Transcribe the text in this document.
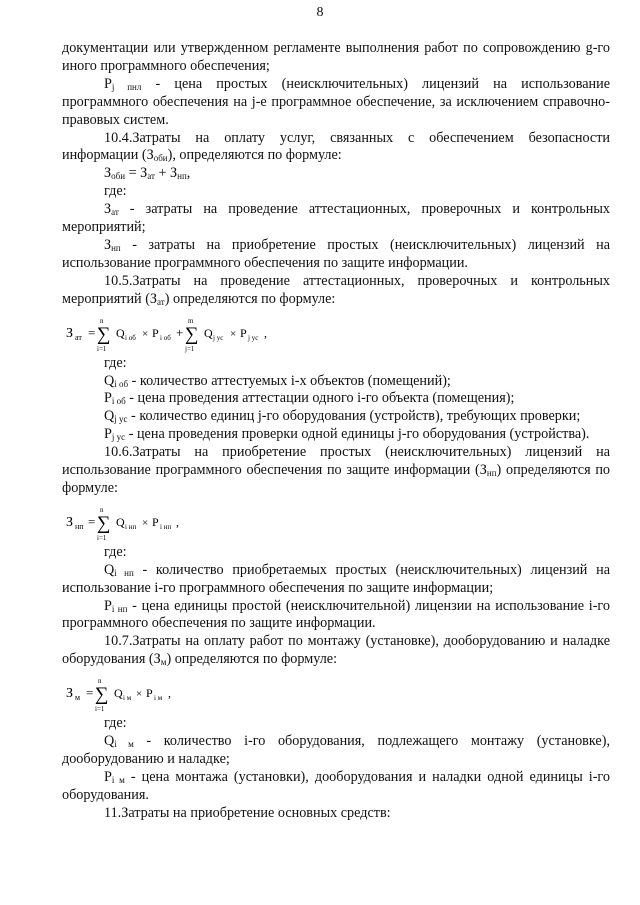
8

документации или утвержденном регламенте выполнения работ по сопровождению g-го иного программного обеспечения;

$P_{j пнл}$ - цена простых (неисключительных) лицензий на использование программного обеспечения на j-е программное обеспечение, за исключением справочно-правовых систем.

10.4.Затраты на оплату услуг, связанных с обеспечением безопасности информации $(З_{оби})$, определяются по формуле:

$З_{оби} = З_{ат} + З_{нп}$,

где:

$З_{ат}$ - затраты на проведение аттестационных, проверочных и контрольных мероприятий;

$З_{нп}$ - затраты на приобретение простых (неисключительных) лицензий на использование программного обеспечения по защите информации.

10.5.Затраты на проведение аттестационных, проверочных и контрольных мероприятий $(З_{ат})$ определяются по формуле:

З ат =
n
∑
i=1
Q i об × P i об +
m
∑
j=1
Q j ус × P j ус ,

где:

$Q_{i об}$ - количество аттестуемых i-х объектов (помещений);

$P_{i об}$ - цена проведения аттестации одного i-го объекта (помещения);

$Q_{j ус}$ - количество единиц j-го оборудования (устройств), требующих проверки;

$P_{j ус}$ - цена проведения проверки одной единицы j-го оборудования (устройства).

10.6.Затраты на приобретение простых (неисключительных) лицензий на использование программного обеспечения по защите информации $(З_{нп})$ определяются по формуле:

З нп =
n
∑
i=1
Q i нп × P i нп ,

где:

$Q_{i нп}$ - количество приобретаемых простых (неисключительных) лицензий на использование i-го программного обеспечения по защите информации;

$P_{i нп}$ - цена единицы простой (неисключительной) лицензии на использование i-го программного обеспечения по защите информации.

10.7.Затраты на оплату работ по монтажу (установке), дооборудованию и наладке оборудования $(З_м)$ определяются по формуле:

З м =
n
∑
i=1
Q i м × P i м ,

где:

$Q_{i м}$ - количество i-го оборудования, подлежащего монтажу (установке), дооборудованию и наладке;

$P_{i м}$ - цена монтажа (установки), дооборудования и наладки одной единицы i-го оборудования.

11.Затраты на приобретение основных средств:
